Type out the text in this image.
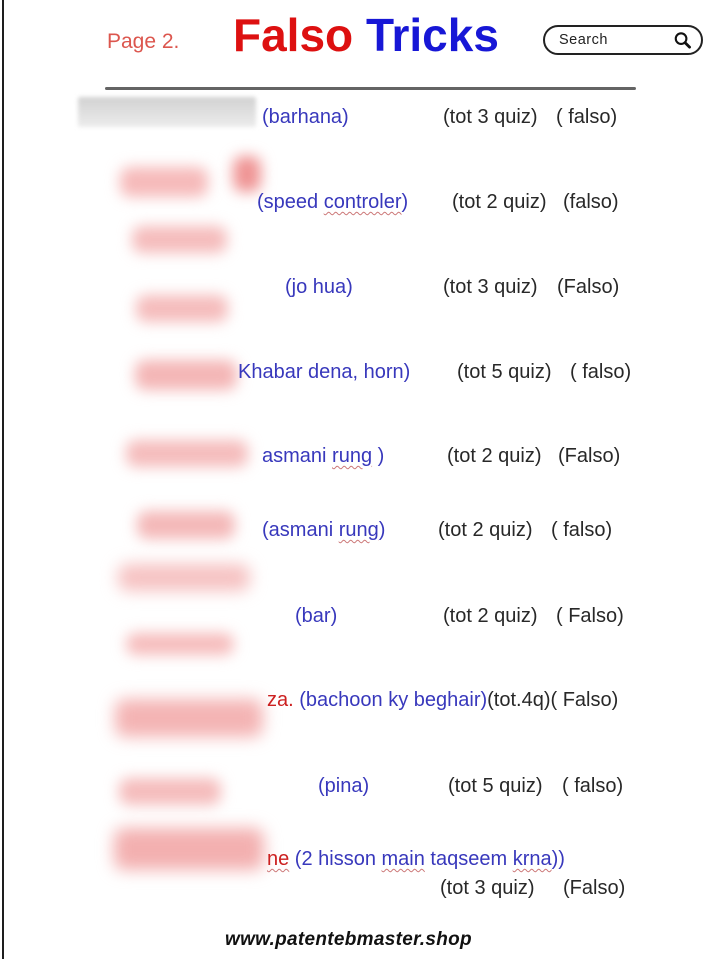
Page 2. Falso Tricks	Search
(barhana)	(tot 3 quiz) ( falso)
(speed controler) (tot 2 quiz) (falso)
(jo hua)	(tot 3 quiz) (Falso)
Khabar dena, horn) (tot 5 quiz) ( falso)
asmani rung )	(tot 2 quiz) (Falso)
(asmani rung)	(tot 2 quiz) ( falso)
(bar)	(tot 2 quiz) ( Falso)
za. (bachoon ky beghair)(tot.4q)( Falso)
(pina)	(tot 5 quiz) ( falso)
ne (2 hisson main taqseem krna))
(tot 3 quiz) (Falso)
www.patentebmaster.shop
